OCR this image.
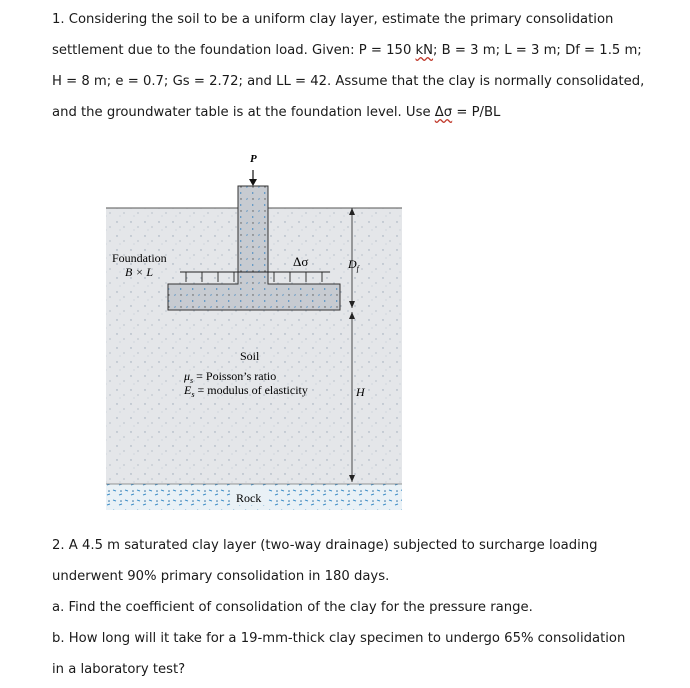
1. Considering the soil to be a uniform clay layer, estimate the primary consolidation
settlement due to the foundation load. Given: P = 150 kN; B = 3 m; L = 3 m; Df = 1.5 m;
H = 8 m; e = 0.7; Gs = 2.72; and LL = 42. Assume that the clay is normally consolidated,
and the groundwater table is at the foundation level. Use Δσ = P/BL
P
Δσ
Foundation
B × L
$D_f$
H
Soil
$\mu_s$ = Poisson’s ratio
$E_s$ = modulus of elasticity
Rock
2. A 4.5 m saturated clay layer (two-way drainage) subjected to surcharge loading
underwent 90% primary consolidation in 180 days.
a. Find the coefficient of consolidation of the clay for the pressure range.
b. How long will it take for a 19-mm-thick clay specimen to undergo 65% consolidation
in a laboratory test?
